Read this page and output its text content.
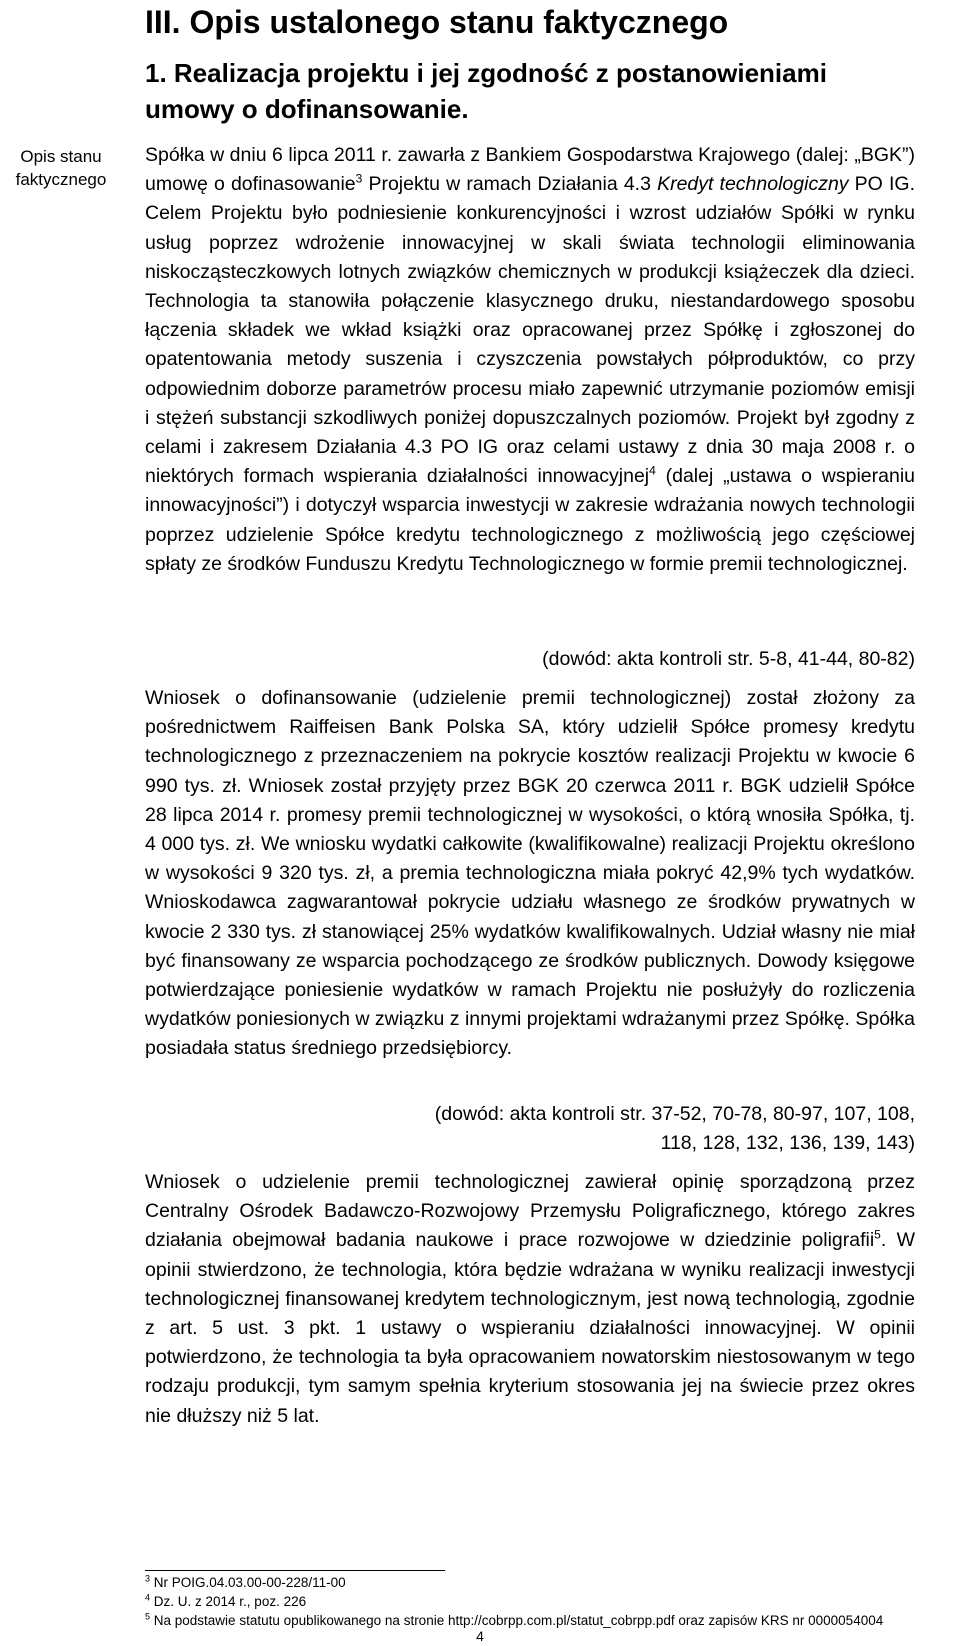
III. Opis ustalonego stanu faktycznego
1. Realizacja projektu i jej zgodność z postanowieniami umowy o dofinansowanie.
Opis stanu faktycznego
Spółka w dniu 6 lipca 2011 r. zawarła z Bankiem Gospodarstwa Krajowego (dalej: „BGK”) umowę o dofinasowanie$^3$ Projektu w ramach Działania 4.3 Kredyt technologiczny PO IG. Celem Projektu było podniesienie konkurencyjności i wzrost udziałów Spółki w rynku usług poprzez wdrożenie innowacyjnej w skali świata technologii eliminowania niskocząsteczkowych lotnych związków chemicznych w produkcji książeczek dla dzieci. Technologia ta stanowiła połączenie klasycznego druku, niestandardowego sposobu łączenia składek we wkład książki oraz opracowanej przez Spółkę i zgłoszonej do opatentowania metody suszenia i czyszczenia powstałych półproduktów, co przy odpowiednim doborze parametrów procesu miało zapewnić utrzymanie poziomów emisji i stężeń substancji szkodliwych poniżej dopuszczalnych poziomów. Projekt był zgodny z celami i zakresem Działania 4.3 PO IG oraz celami ustawy z dnia 30 maja 2008 r. o niektórych formach wspierania działalności innowacyjnej$^4$ (dalej „ustawa o wspieraniu innowacyjności”) i dotyczył wsparcia inwestycji w zakresie wdrażania nowych technologii poprzez udzielenie Spółce kredytu technologicznego z możliwością jego częściowej spłaty ze środków Funduszu Kredytu Technologicznego w formie premii technologicznej.
(dowód: akta kontroli str. 5-8, 41-44, 80-82)
Wniosek o dofinansowanie (udzielenie premii technologicznej) został złożony za pośrednictwem Raiffeisen Bank Polska SA, który udzielił Spółce promesy kredytu technologicznego z przeznaczeniem na pokrycie kosztów realizacji Projektu w kwocie 6 990 tys. zł. Wniosek został przyjęty przez BGK 20 czerwca 2011 r. BGK udzielił Spółce 28 lipca 2014 r. promesy premii technologicznej w wysokości, o którą wnosiła Spółka, tj. 4 000 tys. zł. We wniosku wydatki całkowite (kwalifikowalne) realizacji Projektu określono w wysokości 9 320 tys. zł, a premia technologiczna miała pokryć 42,9% tych wydatków. Wnioskodawca zagwarantował pokrycie udziału własnego ze środków prywatnych w kwocie 2 330 tys. zł stanowiącej 25% wydatków kwalifikowalnych. Udział własny nie miał być finansowany ze wsparcia pochodzącego ze środków publicznych. Dowody księgowe potwierdzające poniesienie wydatków w ramach Projektu nie posłużyły do rozliczenia wydatków poniesionych w związku z innymi projektami wdrażanymi przez Spółkę. Spółka posiadała status średniego przedsiębiorcy.
(dowód: akta kontroli str. 37-52, 70-78, 80-97, 107, 108,
118, 128, 132, 136, 139, 143)
Wniosek o udzielenie premii technologicznej zawierał opinię sporządzoną przez Centralny Ośrodek Badawczo-Rozwojowy Przemysłu Poligraficznego, którego zakres działania obejmował badania naukowe i prace rozwojowe w dziedzinie poligrafii$^5$. W opinii stwierdzono, że technologia, która będzie wdrażana w wyniku realizacji inwestycji technologicznej finansowanej kredytem technologicznym, jest nową technologią, zgodnie z art. 5 ust. 3 pkt. 1 ustawy o wspieraniu działalności innowacyjnej. W opinii potwierdzono, że technologia ta była opracowaniem nowatorskim niestosowanym w tego rodzaju produkcji, tym samym spełnia kryterium stosowania jej na świecie przez okres nie dłuższy niż 5 lat.
$^3$ Nr POIG.04.03.00-00-228/11-00
$^4$ Dz. U. z 2014 r., poz. 226
$^5$ Na podstawie statutu opublikowanego na stronie http://cobrpp.com.pl/statut_cobrpp.pdf oraz zapisów KRS nr 0000054004
4
